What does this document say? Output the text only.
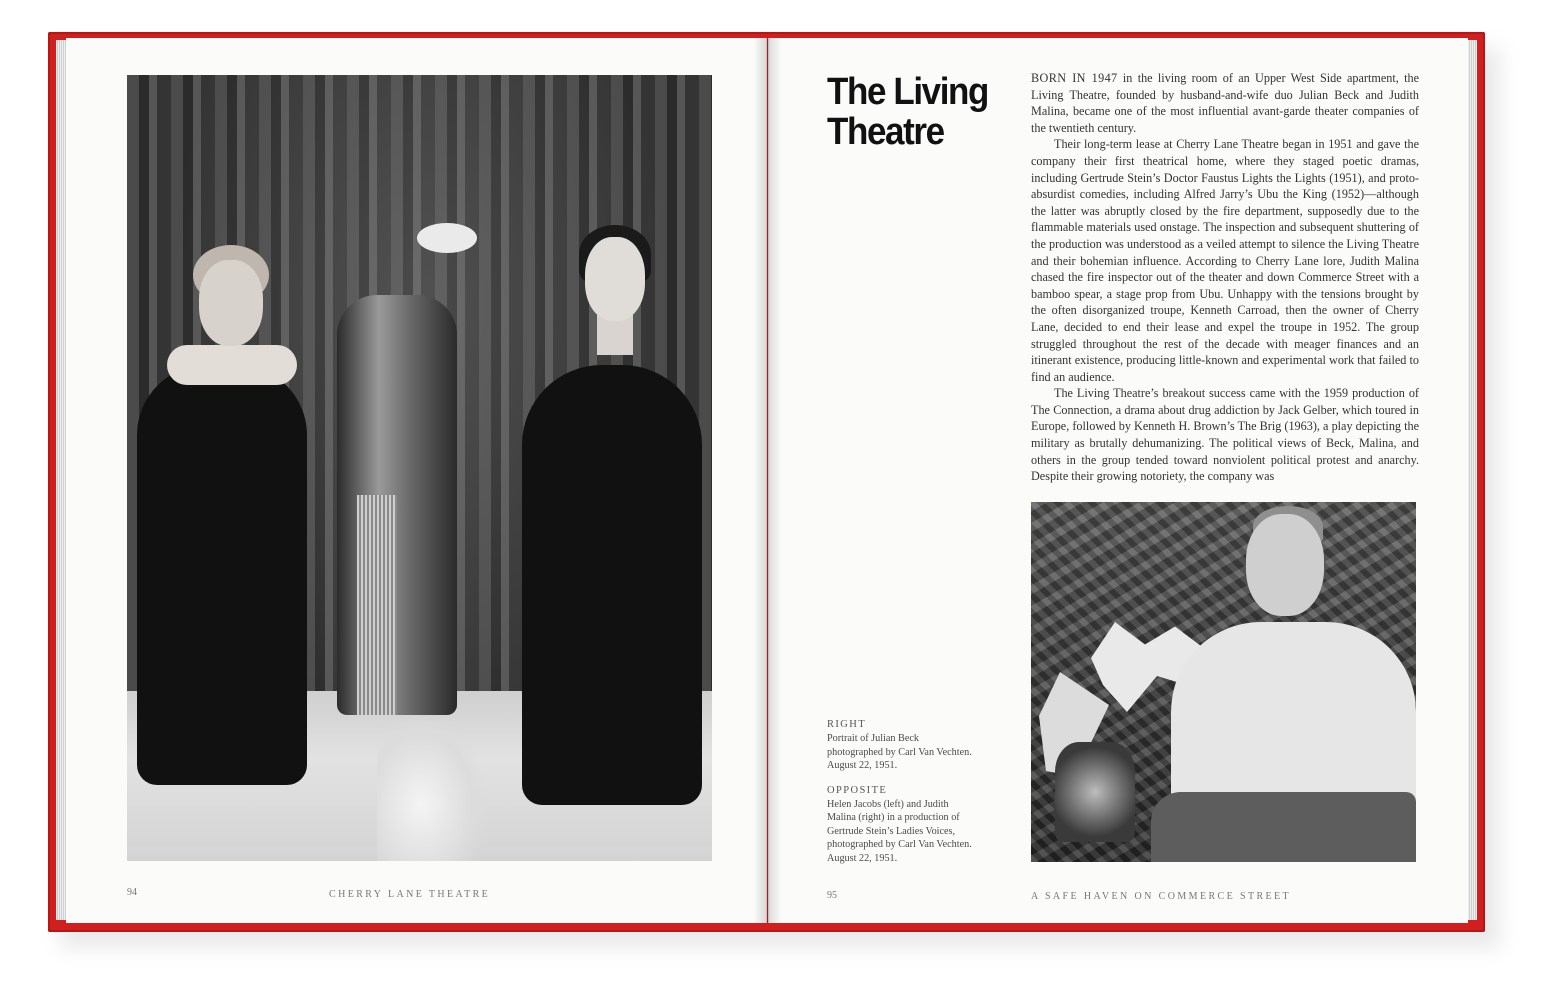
94	CHERRY LANE THEATRE
The Living
Theatre

BORN IN 1947 in the living room of an Upper West Side apartment, the Living Theatre, founded by husband-and-wife duo Julian Beck and Judith Malina, became one of the most influential avant-garde theater companies of the twentieth century.

Their long-term lease at Cherry Lane Theatre began in 1951 and gave the company their first theatrical home, where they staged poetic dramas, including Gertrude Stein’s Doctor Faustus Lights the Lights (1951), and proto-absurdist comedies, including Alfred Jarry’s Ubu the King (1952)—although the latter was abruptly closed by the fire department, supposedly due to the flammable materials used onstage. The inspection and subsequent shuttering of the production was understood as a veiled attempt to silence the Living Theatre and their bohemian influence. According to Cherry Lane lore, Judith Malina chased the fire inspector out of the theater and down Commerce Street with a bamboo spear, a stage prop from Ubu. Unhappy with the tensions brought by the often disorganized troupe, Kenneth Carroad, then the owner of Cherry Lane, decided to end their lease and expel the troupe in 1952. The group struggled throughout the rest of the decade with meager finances and an itinerant existence, producing little-known and experimental work that failed to find an audience.

The Living Theatre’s breakout success came with the 1959 production of The Connection, a drama about drug addiction by Jack Gelber, which toured in Europe, followed by Kenneth H. Brown’s The Brig (1963), a play depicting the military as brutally dehumanizing. The political views of Beck, Malina, and others in the group tended toward nonviolent political protest and anarchy. Despite their growing notoriety, the company was

RIGHT
Portrait of Julian Beck photographed by Carl Van Vechten. August 22, 1951.
OPPOSITE
Helen Jacobs (left) and Judith Malina (right) in a production of Gertrude Stein’s Ladies Voices, photographed by Carl Van Vechten. August 22, 1951.
95	A SAFE HAVEN ON COMMERCE STREET
